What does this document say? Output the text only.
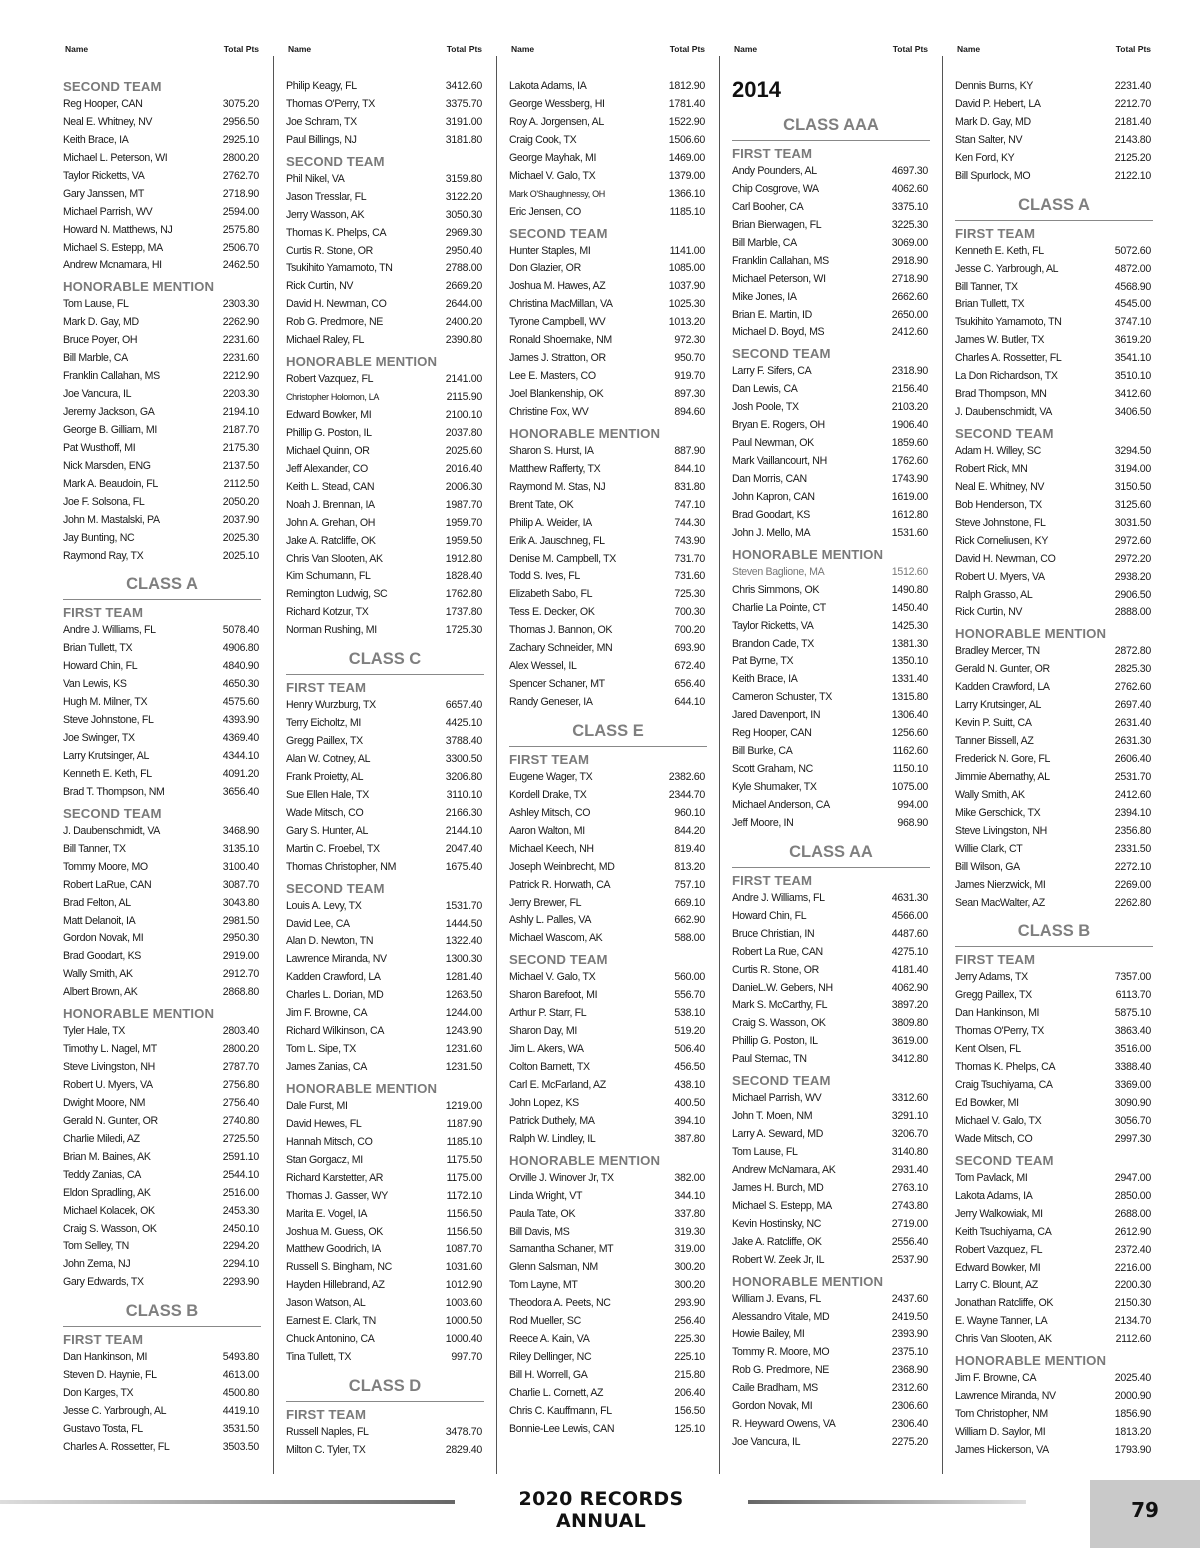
Name	Total Pts
SECOND TEAM
Reg Hooper, CAN	3075.20
Neal E. Whitney, NV	2956.50
Keith Brace, IA	2925.10
Michael L. Peterson, WI	2800.20
Taylor Ricketts, VA	2762.70
Gary Janssen, MT	2718.90
Michael Parrish, WV	2594.00
Howard N. Matthews, NJ	2575.80
Michael S. Estepp, MA	2506.70
Andrew Mcnamara, HI	2462.50
HONORABLE MENTION
Tom Lause, FL	2303.30
Mark D. Gay, MD	2262.90
Bruce Poyer, OH	2231.60
Bill Marble, CA	2231.60
Franklin Callahan, MS	2212.90
Joe Vancura, IL	2203.30
Jeremy Jackson, GA	2194.10
George B. Gilliam, MI	2187.70
Pat Wusthoff, MI	2175.30
Nick Marsden, ENG	2137.50
Mark A. Beaudoin, FL	2112.50
Joe F. Solsona, FL	2050.20
John M. Mastalski, PA	2037.90
Jay Bunting, NC	2025.30
Raymond Ray, TX	2025.10
CLASS A
FIRST TEAM
Andre J. Williams, FL	5078.40
Brian Tullett, TX	4906.80
Howard Chin, FL	4840.90
Van Lewis, KS	4650.30
Hugh M. Milner, TX	4575.60
Steve Johnstone, FL	4393.90
Joe Swinger, TX	4369.40
Larry Krutsinger, AL	4344.10
Kenneth E. Keth, FL	4091.20
Brad T. Thompson, NM	3656.40
SECOND TEAM
J. Daubenschmidt, VA	3468.90
Bill Tanner, TX	3135.10
Tommy Moore, MO	3100.40
Robert LaRue, CAN	3087.70
Brad Felton, AL	3043.80
Matt Delanoit, IA	2981.50
Gordon Novak, MI	2950.30
Brad Goodart, KS	2919.00
Wally Smith, AK	2912.70
Albert Brown, AK	2868.80
HONORABLE MENTION
Tyler Hale, TX	2803.40
Timothy L. Nagel, MT	2800.20
Steve Livingston, NH	2787.70
Robert U. Myers, VA	2756.80
Dwight Moore, NM	2756.40
Gerald N. Gunter, OR	2740.80
Charlie Miledi, AZ	2725.50
Brian M. Baines, AK	2591.10
Teddy Zanias, CA	2544.10
Eldon Spradling, AK	2516.00
Michael Kolacek, OK	2453.30
Craig S. Wasson, OK	2450.10
Tom Selley, TN	2294.20
John Zema, NJ	2294.10
Gary Edwards, TX	2293.90
CLASS B
FIRST TEAM
Dan Hankinson, MI	5493.80
Steven D. Haynie, FL	4613.00
Don Karges, TX	4500.80
Jesse C. Yarbrough, AL	4419.10
Gustavo Tosta, FL	3531.50
Charles A. Rossetter, FL	3503.50
Name	Total Pts
Philip Keagy, FL	3412.60
Thomas O'Perry, TX	3375.70
Joe Schram, TX	3191.00
Paul Billings, NJ	3181.80
SECOND TEAM
Phil Nikel, VA	3159.80
Jason Tresslar, FL	3122.20
Jerry Wasson, AK	3050.30
Thomas K. Phelps, CA	2969.30
Curtis R. Stone, OR	2950.40
Tsukihito Yamamoto, TN	2788.00
Rick Curtin, NV	2669.20
David H. Newman, CO	2644.00
Rob G. Predmore, NE	2400.20
Michael Raley, FL	2390.80
HONORABLE MENTION
Robert Vazquez, FL	2141.00
Christopher Holomon, LA	2115.90
Edward Bowker, MI	2100.10
Phillip G. Poston, IL	2037.80
Michael Quinn, OR	2025.60
Jeff Alexander, CO	2016.40
Keith L. Stead, CAN	2006.30
Noah J. Brennan, IA	1987.70
John A. Grehan, OH	1959.70
Jake A. Ratcliffe, OK	1959.50
Chris Van Slooten, AK	1912.80
Kim Schumann, FL	1828.40
Remington Ludwig, SC	1762.80
Richard Kotzur, TX	1737.80
Norman Rushing, MI	1725.30
CLASS C
FIRST TEAM
Henry Wurzburg, TX	6657.40
Terry Eicholtz, MI	4425.10
Gregg Paillex, TX	3788.40
Alan W. Cotney, AL	3300.50
Frank Proietty, AL	3206.80
Sue Ellen Hale, TX	3110.10
Wade Mitsch, CO	2166.30
Gary S. Hunter, AL	2144.10
Martin C. Froebel, TX	2047.40
Thomas Christopher, NM	1675.40
SECOND TEAM
Louis A. Levy, TX	1531.70
David Lee, CA	1444.50
Alan D. Newton, TN	1322.40
Lawrence Miranda, NV	1300.30
Kadden Crawford, LA	1281.40
Charles L. Dorian, MD	1263.50
Jim F. Browne, CA	1244.00
Richard Wilkinson, CA	1243.90
Tom L. Sipe, TX	1231.60
James Zanias, CA	1231.50
HONORABLE MENTION
Dale Furst, MI	1219.00
David Hewes, FL	1187.90
Hannah Mitsch, CO	1185.10
Stan Gorgacz, MI	1175.50
Richard Karstetter, AR	1175.00
Thomas J. Gasser, WY	1172.10
Marita E. Vogel, IA	1156.50
Joshua M. Guess, OK	1156.50
Matthew Goodrich, IA	1087.70
Russell S. Bingham, NC	1031.60
Hayden Hillebrand, AZ	1012.90
Jason Watson, AL	1003.60
Earnest E. Clark, TN	1000.50
Chuck Antonino, CA	1000.40
Tina Tullett, TX	997.70
CLASS D
FIRST TEAM
Russell Naples, FL	3478.70
Milton C. Tyler, TX	2829.40
Name	Total Pts
Lakota Adams, IA	1812.90
George Wessberg, HI	1781.40
Roy A. Jorgensen, AL	1522.90
Craig Cook, TX	1506.60
George Mayhak, MI	1469.00
Michael V. Galo, TX	1379.00
Mark O'Shaughnessy, OH	1366.10
Eric Jensen, CO	1185.10
SECOND TEAM
Hunter Staples, MI	1141.00
Don Glazier, OR	1085.00
Joshua M. Hawes, AZ	1037.90
Christina MacMillan, VA	1025.30
Tyrone Campbell, WV	1013.20
Ronald Shoemake, NM	972.30
James J. Stratton, OR	950.70
Lee E. Masters, CO	919.70
Joel Blankenship, OK	897.30
Christine Fox, WV	894.60
HONORABLE MENTION
Sharon S. Hurst, IA	887.90
Matthew Rafferty, TX	844.10
Raymond M. Stas, NJ	831.80
Brent Tate, OK	747.10
Philip A. Weider, IA	744.30
Erik A. Jauschneg, FL	743.90
Denise M. Campbell, TX	731.70
Todd S. Ives, FL	731.60
Elizabeth Sabo, FL	725.30
Tess E. Decker, OK	700.30
Thomas J. Bannon, OK	700.20
Zachary Schneider, MN	693.90
Alex Wessel, IL	672.40
Spencer Schaner, MT	656.40
Randy Geneser, IA	644.10
CLASS E
FIRST TEAM
Eugene Wager, TX	2382.60
Kordell Drake, TX	2344.70
Ashley Mitsch, CO	960.10
Aaron Walton, MI	844.20
Michael Keech, NH	819.40
Joseph Weinbrecht, MD	813.20
Patrick R. Horwath, CA	757.10
Jerry Brewer, FL	669.10
Ashly L. Palles, VA	662.90
Michael Wascom, AK	588.00
SECOND TEAM
Michael V. Galo, TX	560.00
Sharon Barefoot, MI	556.70
Arthur P. Starr, FL	538.10
Sharon Day, MI	519.20
Jim L. Akers, WA	506.40
Colton Barnett, TX	456.50
Carl E. McFarland, AZ	438.10
John Lopez, KS	400.50
Patrick Duthely, MA	394.10
Ralph W. Lindley, IL	387.80
HONORABLE MENTION
Orville J. Winover Jr, TX	382.00
Linda Wright, VT	344.10
Paula Tate, OK	337.80
Bill Davis, MS	319.30
Samantha Schaner, MT	319.00
Glenn Salsman, NM	300.20
Tom Layne, MT	300.20
Theodora A. Peets, NC	293.90
Rod Mueller, SC	256.40
Reece A. Kain, VA	225.30
Riley Dellinger, NC	225.10
Bill H. Worrell, GA	215.80
Charlie L. Cornett, AZ	206.40
Chris C. Kauffmann, FL	156.50
Bonnie-Lee Lewis, CAN	125.10
Name	Total Pts
2014
CLASS AAA
FIRST TEAM
Andy Pounders, AL	4697.30
Chip Cosgrove, WA	4062.60
Carl Booher, CA	3375.10
Brian Bierwagen, FL	3225.30
Bill Marble, CA	3069.00
Franklin Callahan, MS	2918.90
Michael Peterson, WI	2718.90
Mike Jones, IA	2662.60
Brian E. Martin, ID	2650.00
Michael D. Boyd, MS	2412.60
SECOND TEAM
Larry F. Sifers, CA	2318.90
Dan Lewis, CA	2156.40
Josh Poole, TX	2103.20
Bryan E. Rogers, OH	1906.40
Paul Newman, OK	1859.60
Mark Vaillancourt, NH	1762.60
Dan Morris, CAN	1743.90
John Kapron, CAN	1619.00
Brad Goodart, KS	1612.80
John J. Mello, MA	1531.60
HONORABLE MENTION
Steven Baglione, MA	1512.60
Chris Simmons, OK	1490.80
Charlie La Pointe, CT	1450.40
Taylor Ricketts, VA	1425.30
Brandon Cade, TX	1381.30
Pat Byrne, TX	1350.10
Keith Brace, IA	1331.40
Cameron Schuster, TX	1315.80
Jared Davenport, IN	1306.40
Reg Hooper, CAN	1256.60
Bill Burke, CA	1162.60
Scott Graham, NC	1150.10
Kyle Shumaker, TX	1075.00
Michael Anderson, CA	994.00
Jeff Moore, IN	968.90
CLASS AA
FIRST TEAM
Andre J. Williams, FL	4631.30
Howard Chin, FL	4566.00
Bruce Christian, IN	4487.60
Robert La Rue, CAN	4275.10
Curtis R. Stone, OR	4181.40
DanieL.W. Gebers, NH	4062.90
Mark S. McCarthy, FL	3897.20
Craig S. Wasson, OK	3809.80
Phillip G. Poston, IL	3619.00
Paul Stemac, TN	3412.80
SECOND TEAM
Michael Parrish, WV	3312.60
John T. Moen, NM	3291.10
Larry A. Seward, MD	3206.70
Tom Lause, FL	3140.80
Andrew McNamara, AK	2931.40
James H. Burch, MD	2763.10
Michael S. Estepp, MA	2743.80
Kevin Hostinsky, NC	2719.00
Jake A. Ratcliffe, OK	2556.40
Robert W. Zeek Jr, IL	2537.90
HONORABLE MENTION
William J. Evans, FL	2437.60
Alessandro Vitale, MD	2419.50
Howie Bailey, MI	2393.90
Tommy R. Moore, MO	2375.10
Rob G. Predmore, NE	2368.90
Caile Bradham, MS	2312.60
Gordon Novak, MI	2306.60
R. Heyward Owens, VA	2306.40
Joe Vancura, IL	2275.20
Name	Total Pts
Dennis Burns, KY	2231.40
David P. Hebert, LA	2212.70
Mark D. Gay, MD	2181.40
Stan Salter, NV	2143.80
Ken Ford, KY	2125.20
Bill Spurlock, MO	2122.10
CLASS A
FIRST TEAM
Kenneth E. Keth, FL	5072.60
Jesse C. Yarbrough, AL	4872.00
Bill Tanner, TX	4568.90
Brian Tullett, TX	4545.00
Tsukihito Yamamoto, TN	3747.10
James W. Butler, TX	3619.20
Charles A. Rossetter, FL	3541.10
La Don Richardson, TX	3510.10
Brad Thompson, MN	3412.60
J. Daubenschmidt, VA	3406.50
SECOND TEAM
Adam H. Willey, SC	3294.50
Robert Rick, MN	3194.00
Neal E. Whitney, NV	3150.50
Bob Henderson, TX	3125.60
Steve Johnstone, FL	3031.50
Rick Corneliusen, KY	2972.60
David H. Newman, CO	2972.20
Robert U. Myers, VA	2938.20
Ralph Grasso, AL	2906.50
Rick Curtin, NV	2888.00
HONORABLE MENTION
Bradley Mercer, TN	2872.80
Gerald N. Gunter, OR	2825.30
Kadden Crawford, LA	2762.60
Larry Krutsinger, AL	2697.40
Kevin P. Suitt, CA	2631.40
Tanner Bissell, AZ	2631.30
Frederick N. Gore, FL	2606.40
Jimmie Abernathy, AL	2531.70
Wally Smith, AK	2412.60
Mike Gerschick, TX	2394.10
Steve Livingston, NH	2356.80
Willie Clark, CT	2331.50
Bill Wilson, GA	2272.10
James Nierzwick, MI	2269.00
Sean MacWalter, AZ	2262.80
CLASS B
FIRST TEAM
Jerry Adams, TX	7357.00
Gregg Paillex, TX	6113.70
Dan Hankinson, MI	5875.10
Thomas O'Perry, TX	3863.40
Kent Olsen, FL	3516.00
Thomas K. Phelps, CA	3388.40
Craig Tsuchiyama, CA	3369.00
Ed Bowker, MI	3090.90
Michael V. Galo, TX	3056.70
Wade Mitsch, CO	2997.30
SECOND TEAM
Tom Pavlack, MI	2947.00
Lakota Adams, IA	2850.00
Jerry Walkowiak, MI	2688.00
Keith Tsuchiyama, CA	2612.90
Robert Vazquez, FL	2372.40
Edward Bowker, MI	2216.00
Larry C. Blount, AZ	2200.30
Jonathan Ratcliffe, OK	2150.30
E. Wayne Tanner, LA	2134.70
Chris Van Slooten, AK	2112.60
HONORABLE MENTION
Jim F. Browne, CA	2025.40
Lawrence Miranda, NV	2000.90
Tom Christopher, NM	1856.90
William D. Saylor, MI	1813.20
James Hickerson, VA	1793.90
2020 RECORDS ANNUAL	79
